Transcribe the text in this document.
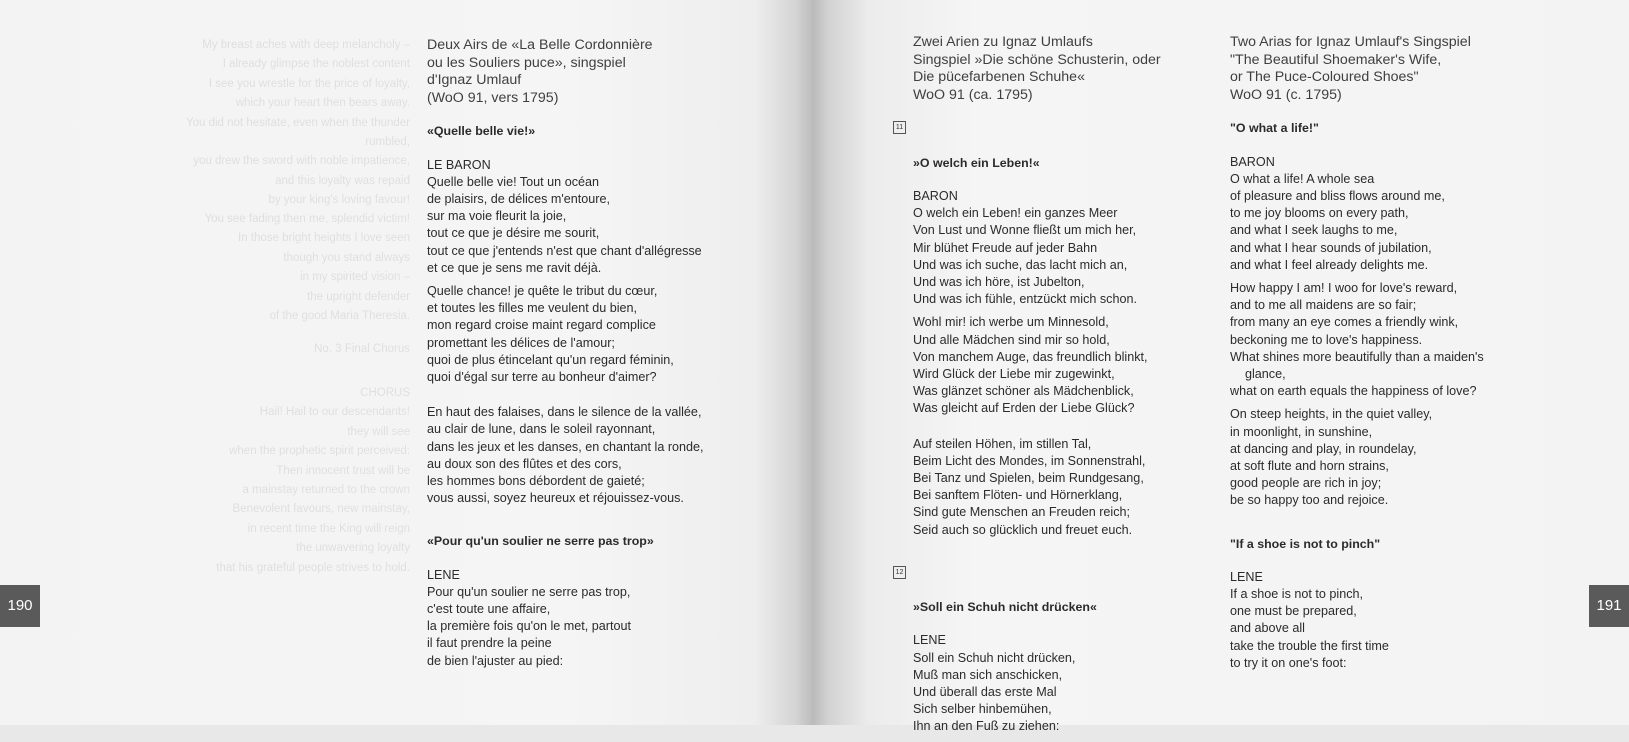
My breast aches with deep melancholy –
I already glimpse the noblest content
I see you wrestle for the price of loyalty,
which your heart then bears away.
You did not hesitate, even when the thunder
rumbled,
you drew the sword with noble impatience,
and this loyalty was repaid
by your king's loving favour!
You see fading then me, splendid victim!
In those bright heights I love seen
though you stand always
in my spirited vision –
the upright defender
of the good Maria Theresia.
No. 3 Final Chorus
CHORUS
Hail! Hail to our descendants!
they will see
when the prophetic spirit perceived:
Then innocent trust will be
a mainstay returned to the crown
Benevolent favours, new mainstay,
in recent time the King will reign
the unwavering loyalty
that his grateful people strives to hold.

Deux Airs de «La Belle Cordonnière
ou les Souliers puce», singspiel
d'Ignaz Umlauf
(WoO 91, vers 1795)

«Quelle belle vie!»

LE BARON

Quelle belle vie! Tout un océan
de plaisirs, de délices m'entoure,
sur ma voie fleurit la joie,
tout ce que je désire me sourit,
tout ce que j'entends n'est que chant d'allégresse
et ce que je sens me ravit déjà.

Quelle chance! je quête le tribut du cœur,
et toutes les filles me veulent du bien,
mon regard croise maint regard complice
promettant les délices de l'amour;
quoi de plus étincelant qu'un regard féminin,
quoi d'égal sur terre au bonheur d'aimer?

En haut des falaises, dans le silence de la vallée,
au clair de lune, dans le soleil rayonnant,
dans les jeux et les danses, en chantant la ronde,
au doux son des flûtes et des cors,
les hommes bons débordent de gaieté;
vous aussi, soyez heureux et réjouissez-vous.

«Pour qu'un soulier ne serre pas trop»

LENE

Pour qu'un soulier ne serre pas trop,
c'est toute une affaire,
la première fois qu'on le met, partout
il faut prendre la peine
de bien l'ajuster au pied:

190

Zwei Arien zu Ignaz Umlaufs
Singspiel »Die schöne Schusterin, oder
Die pücefarbenen Schuhe«
WoO 91 (ca. 1795)

11

»O welch ein Leben!«

BARON

O welch ein Leben! ein ganzes Meer
Von Lust und Wonne fließt um mich her,
Mir blühet Freude auf jeder Bahn
Und was ich suche, das lacht mich an,
Und was ich höre, ist Jubelton,
Und was ich fühle, entzückt mich schon.

Wohl mir! ich werbe um Minnesold,
Und alle Mädchen sind mir so hold,
Von manchem Auge, das freundlich blinkt,
Wird Glück der Liebe mir zugewinkt,
Was glänzet schöner als Mädchenblick,
Was gleicht auf Erden der Liebe Glück?

Auf steilen Höhen, im stillen Tal,
Beim Licht des Mondes, im Sonnenstrahl,
Bei Tanz und Spielen, beim Rundgesang,
Bei sanftem Flöten- und Hörnerklang,
Sind gute Menschen an Freuden reich;
Seid auch so glücklich und freuet euch.

12

»Soll ein Schuh nicht drücken«

LENE

Soll ein Schuh nicht drücken,
Muß man sich anschicken,
Und überall das erste Mal
Sich selber hinbemühen,
Ihn an den Fuß zu ziehen:

Two Arias for Ignaz Umlauf's Singspiel
"The Beautiful Shoemaker's Wife,
or The Puce-Coloured Shoes"
WoO 91 (c. 1795)

"O what a life!"

BARON

O what a life! A whole sea
of pleasure and bliss flows around me,
to me joy blooms on every path,
and what I seek laughs to me,
and what I hear sounds of jubilation,
and what I feel already delights me.

How happy I am! I woo for love's reward,

and to me all maidens are so fair;

from many an eye comes a friendly wink,

beckoning me to love's happiness.

What shines more beautifully than a maiden's

glance,

what on earth equals the happiness of love?

On steep heights, in the quiet valley,
in moonlight, in sunshine,
at dancing and play, in roundelay,
at soft flute and horn strains,
good people are rich in joy;
be so happy too and rejoice.

"If a shoe is not to pinch"

LENE

If a shoe is not to pinch,
one must be prepared,
and above all
take the trouble the first time
to try it on one's foot:

191
